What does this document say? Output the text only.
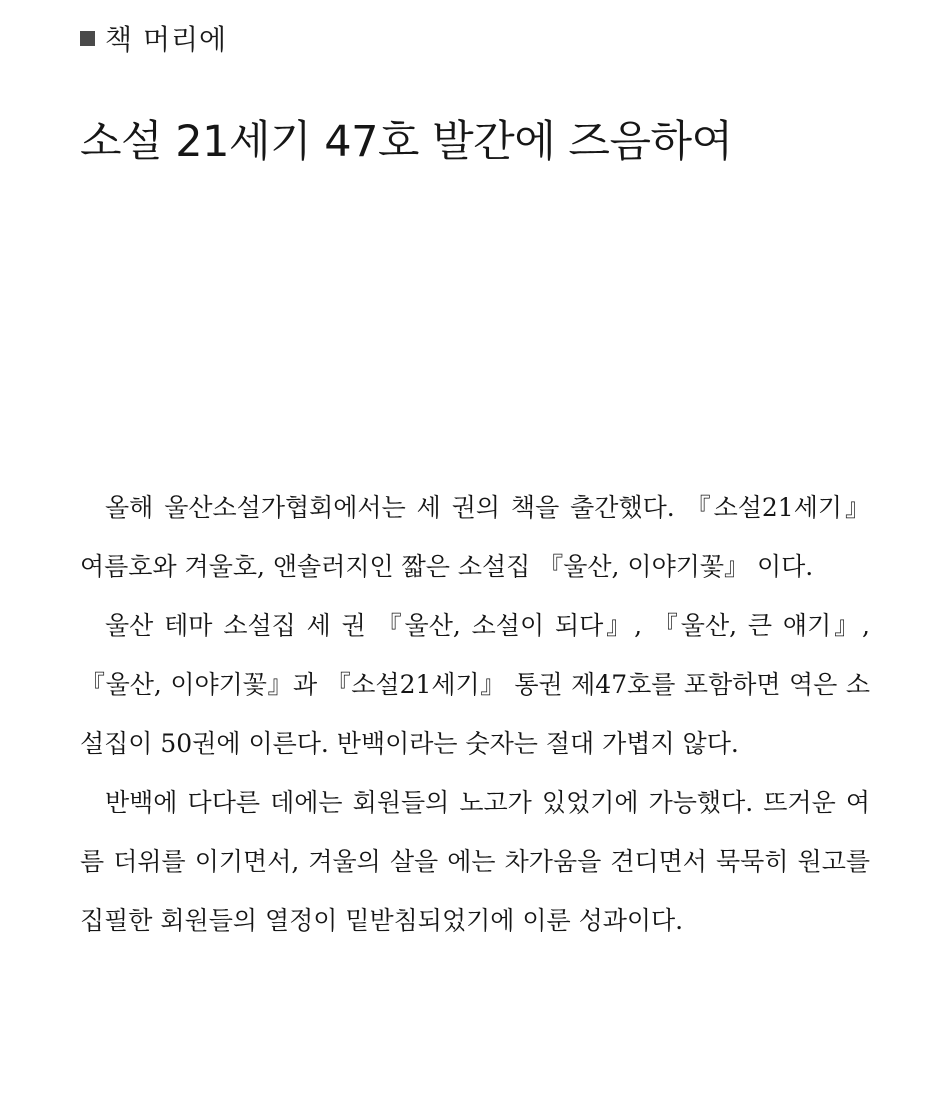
책 머리에
소설 21세기 47호 발간에 즈음하여

올해 울산소설가협회에서는 세 권의 책을 출간했다. 『소설21세기』 여름호와 겨울호, 앤솔러지인 짧은 소설집 『울산, 이야기꽃』 이다.

울산 테마 소설집 세 권 『울산, 소설이 되다』, 『울산, 큰 얘기』, 『울산, 이야기꽃』과 『소설21세기』 통권 제47호를 포함하면 역은 소설집이 50권에 이른다. 반백이라는 숫자는 절대 가볍지 않다.

반백에 다다른 데에는 회원들의 노고가 있었기에 가능했다. 뜨거운 여름 더위를 이기면서, 겨울의 살을 에는 차가움을 견디면서 묵묵히 원고를 집필한 회원들의 열정이 밑받침되었기에 이룬 성과이다.
